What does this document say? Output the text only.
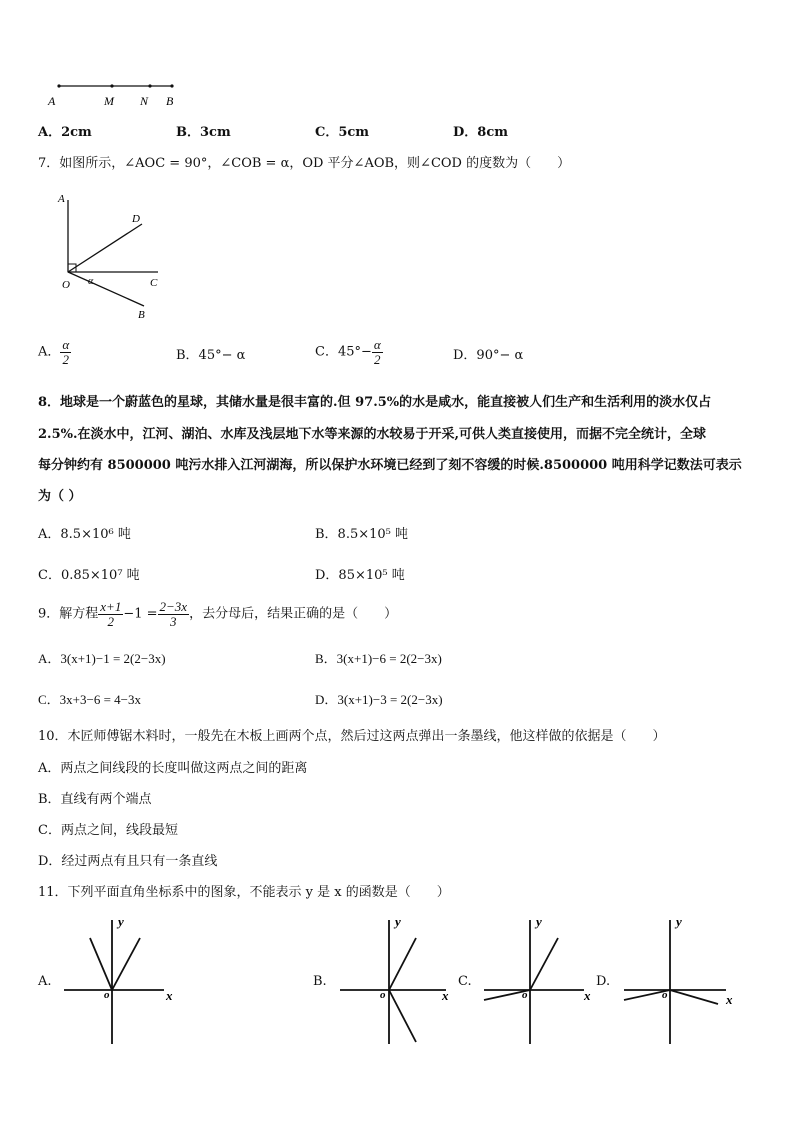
A	M N B
A．2cm	B．3cm	C．5cm	D．8cm
7．如图所示，∠AOC = 90°，∠COB = α，OD 平分∠AOB，则∠COD 的度数为（　　）
A
D
O α	C
B
A． $\frac{\alpha}{2}$	B．45°− α	C．$45^\circ- \frac{\alpha}{2}$	D．90°− α
8．地球是一个蔚蓝色的星球，其储水量是很丰富的.但 97.5%的水是咸水，能直接被人们生产和生活利用的淡水仅占
2.5%.在淡水中，江河、湖泊、水库及浅层地下水等来源的水较易于开采,可供人类直接使用，而据不完全统计，全球
每分钟约有 8500000 吨污水排入江河湖海，所以保护水环境已经到了刻不容缓的时候.8500000 吨用科学记数法可表示
为（ ）
A．8.5×10⁶ 吨	B．8.5×10⁵ 吨
C．0.85×10⁷ 吨	D．85×10⁵ 吨
9．解方程 $\frac{x+1}{2} -1 = \frac{2-3x}{3}$ ，去分母后，结果正确的是（　　）
A．3(x+1)−1 = 2(2−3x)	B．3(x+1)−6 = 2(2−3x)
C．3x+3−6 = 4−3x	D．3(x+1)−3 = 2(2−3x)
10．木匠师傅锯木料时，一般先在木板上画两个点，然后过这两点弹出一条墨线，他这样做的依据是（　　）
A．两点之间线段的长度叫做这两点之间的距离
B．直线有两个端点
C．两点之间，线段最短
D．经过两点有且只有一条直线
11．下列平面直角坐标系中的图象，不能表示 y 是 x 的函数是（　　）
A.	B.	C.	D.
y
x
o
y
x
o
y
x
o
y
x
o
